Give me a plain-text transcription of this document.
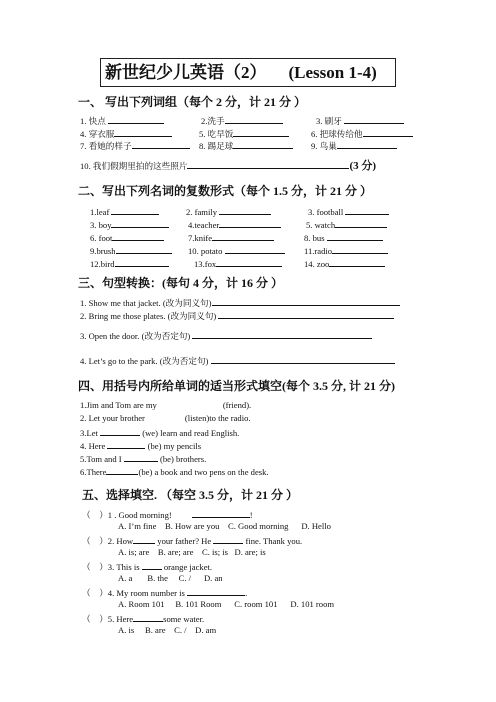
新世纪少儿英语（2） (Lesson 1-4)
一、 写出下列词组（每个 2 分，计 21 分 ）
1. 快点	2.洗手	3. 刷牙
4. 穿衣服	5. 吃早饭	6. 把球传给他
7. 看她的样子	8. 踢足球	9. 鸟巢
10. 我们假期里拍的这些照片	(3 分)
二、写出下列名词的复数形式（每个 1.5 分，计 21 分 ）
1.leaf	2. family	3. football
3. boy	4.teacher	5. watch
6. foot	7.knife	8. bus
9.brush	10. potato	11.radio
12.bird	13.fox	14. zoo
三、句型转换：(每句 4 分，计 16 分 ）
1. Show me that jacket. (改为同义句)
2. Bring me those plates. (改为同义句)
3. Open the door. (改为否定句)
4. Let’s go to the park. (改为否定句)
四、用括号内所给单词的适当形式填空(每个 3.5 分, 计 21 分)
1.Jim and Tom are my	(friend).
2. Let your brother	(listen)to the radio.
3.Let	(we) learn and read English.
4. Here	(be) my pencils
5.Tom and I	(be) brothers.
6.There	(be) a book and two pens on the desk.
五、选择填空. （每空 3.5 分，计 21 分 ）
（　）1 . Good morning!	!
A. I’m fine B. How are you C. Good morning D. Hello
（　）2. How	your father? He	fine. Thank you.
A. is; are B. are; are C. is; is D. are; is
（　）3. This is	orange jacket.
A. a B. the C. / D. an
（　）4. My room number is	.
A. Room 101 B. 101 Room C. room 101 D. 101 room
（　）5. Here	some water.
A. is B. are C. / D. am
